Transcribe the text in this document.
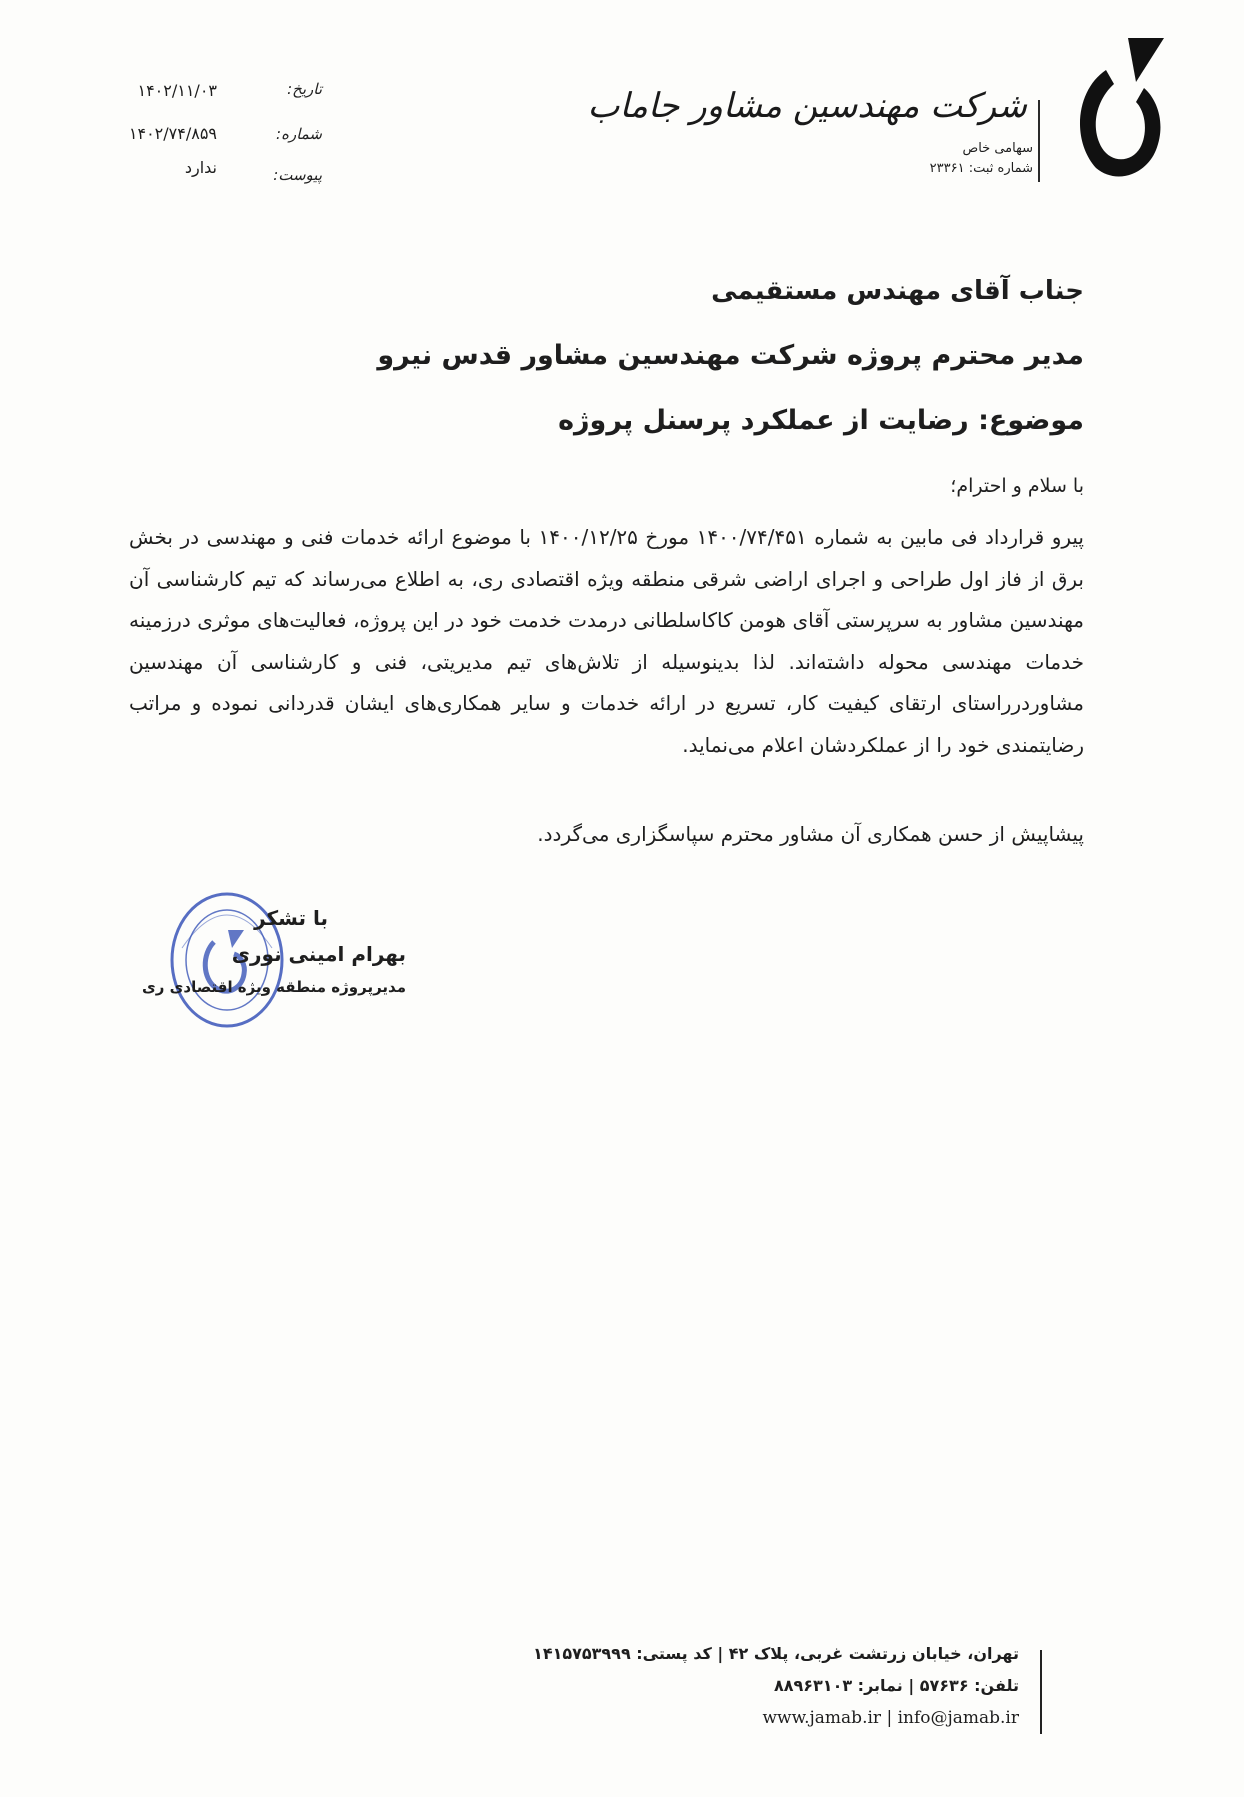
شرکت مهندسین مشاور جاماب
سهامی خاص
شماره ثبت: ۲۳۳۶۱
تاریخ:
۱۴۰۲/۱۱/۰۳
شماره:
۱۴۰۲/۷۴/۸۵۹
پیوست:
ندارد
جناب آقای مهندس مستقیمی
مدیر محترم پروژه شرکت مهندسین مشاور قدس نیرو
موضوع: رضایت از عملکرد پرسنل پروژه
با سلام و احترام؛
پیرو قرارداد فی مابین به شماره ۱۴۰۰/۷۴/۴۵۱ مورخ ۱۴۰۰/۱۲/۲۵ با موضوع ارائه خدمات فنی و مهندسی در بخش برق از فاز اول طراحی و اجرای اراضی شرقی منطقه ویژه اقتصادی ری، به اطلاع می‌رساند که تیم کارشناسی آن مهندسین مشاور به سرپرستی آقای هومن کاکاسلطانی درمدت خدمت خود در این پروژه، فعالیت‌های موثری درزمینه خدمات مهندسی محوله داشته‌اند. لذا بدینوسیله از تلاش‌های تیم مدیریتی، فنی و کارشناسی آن مهندسین مشاوردرراستای ارتقای کیفیت کار، تسریع در ارائه خدمات و سایر همکاری‌های ایشان قدردانی نموده و مراتب رضایتمندی خود را از عملکردشان اعلام می‌نماید.
پیشاپیش از حسن همکاری آن مشاور محترم سپاسگزاری می‌گردد.
با تشکر
بهرام امینی نوری
مدیرپروژه منطقه ویژه اقتصادی ری
تهران، خیابان زرتشت غربی، پلاک ۴۲ | کد پستی: ۱۴۱۵۷۵۳۹۹۹
تلفن: ۵۷۶۳۶ | نمابر: ۸۸۹۶۳۱۰۳
www.jamab.ir | info@jamab.ir
